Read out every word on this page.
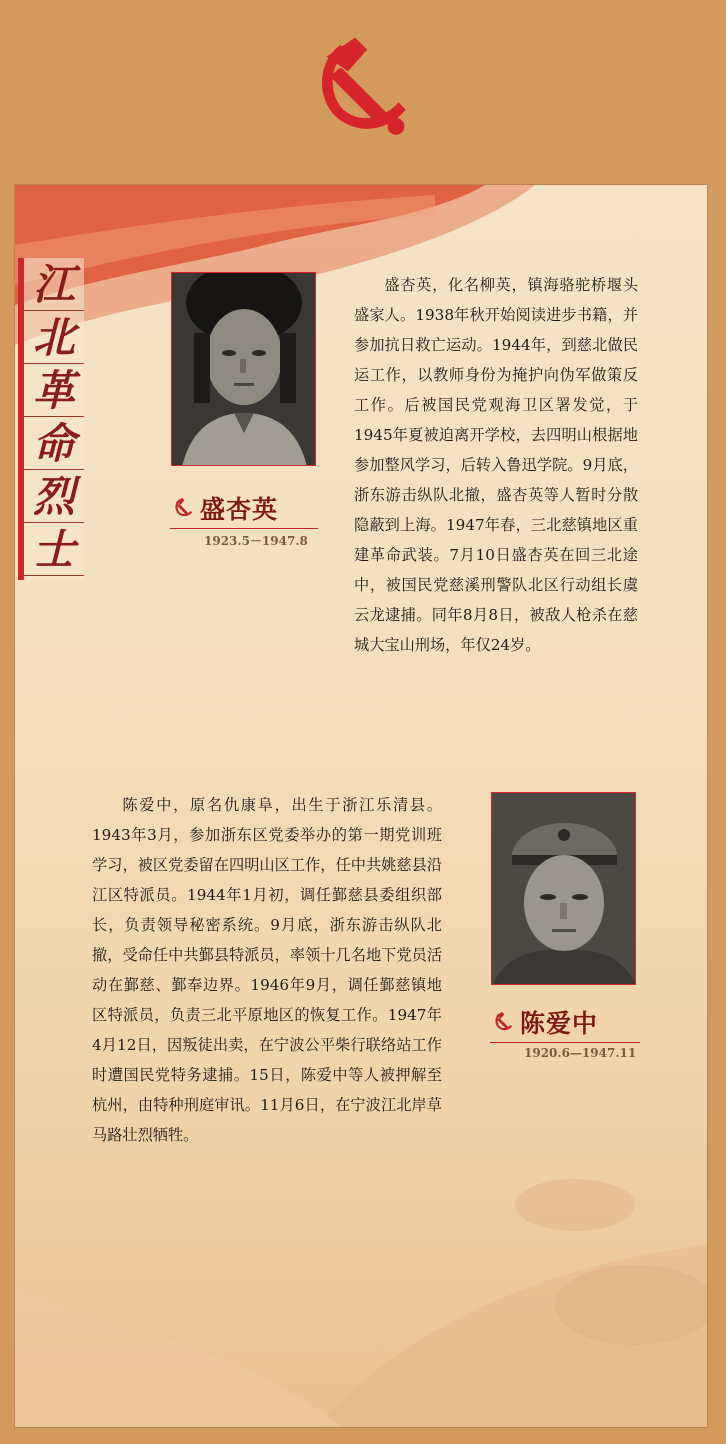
江
北
革
命
烈
士
盛杏英
1923.5－1947.8

盛杏英，化名柳英，镇海骆驼桥堰头盛家人。1938年秋开始阅读进步书籍，并参加抗日救亡运动。1944年，到慈北做民运工作，以教师身份为掩护向伪军做策反工作。后被国民党观海卫区署发觉，于1945年夏被迫离开学校，去四明山根据地参加整风学习，后转入鲁迅学院。9月底，浙东游击纵队北撤，盛杏英等人暂时分散隐蔽到上海。1947年春，三北慈镇地区重建革命武装。7月10日盛杏英在回三北途中，被国民党慈溪刑警队北区行动组长虞云龙逮捕。同年8月8日，被敌人枪杀在慈城大宝山刑场，年仅24岁。

陈爱中，原名仇康阜，出生于浙江乐清县。1943年3月，参加浙东区党委举办的第一期党训班学习，被区党委留在四明山区工作，任中共姚慈县沿江区特派员。1944年1月初，调任鄞慈县委组织部长，负责领导秘密系统。9月底，浙东游击纵队北撤，受命任中共鄞县特派员，率领十几名地下党员活动在鄞慈、鄞奉边界。1946年9月，调任鄞慈镇地区特派员，负责三北平原地区的恢复工作。1947年4月12日，因叛徒出卖，在宁波公平柴行联络站工作时遭国民党特务逮捕。15日，陈爱中等人被押解至杭州，由特种刑庭审讯。11月6日，在宁波江北岸草马路壮烈牺牲。

陈爱中
1920.6—1947.11
